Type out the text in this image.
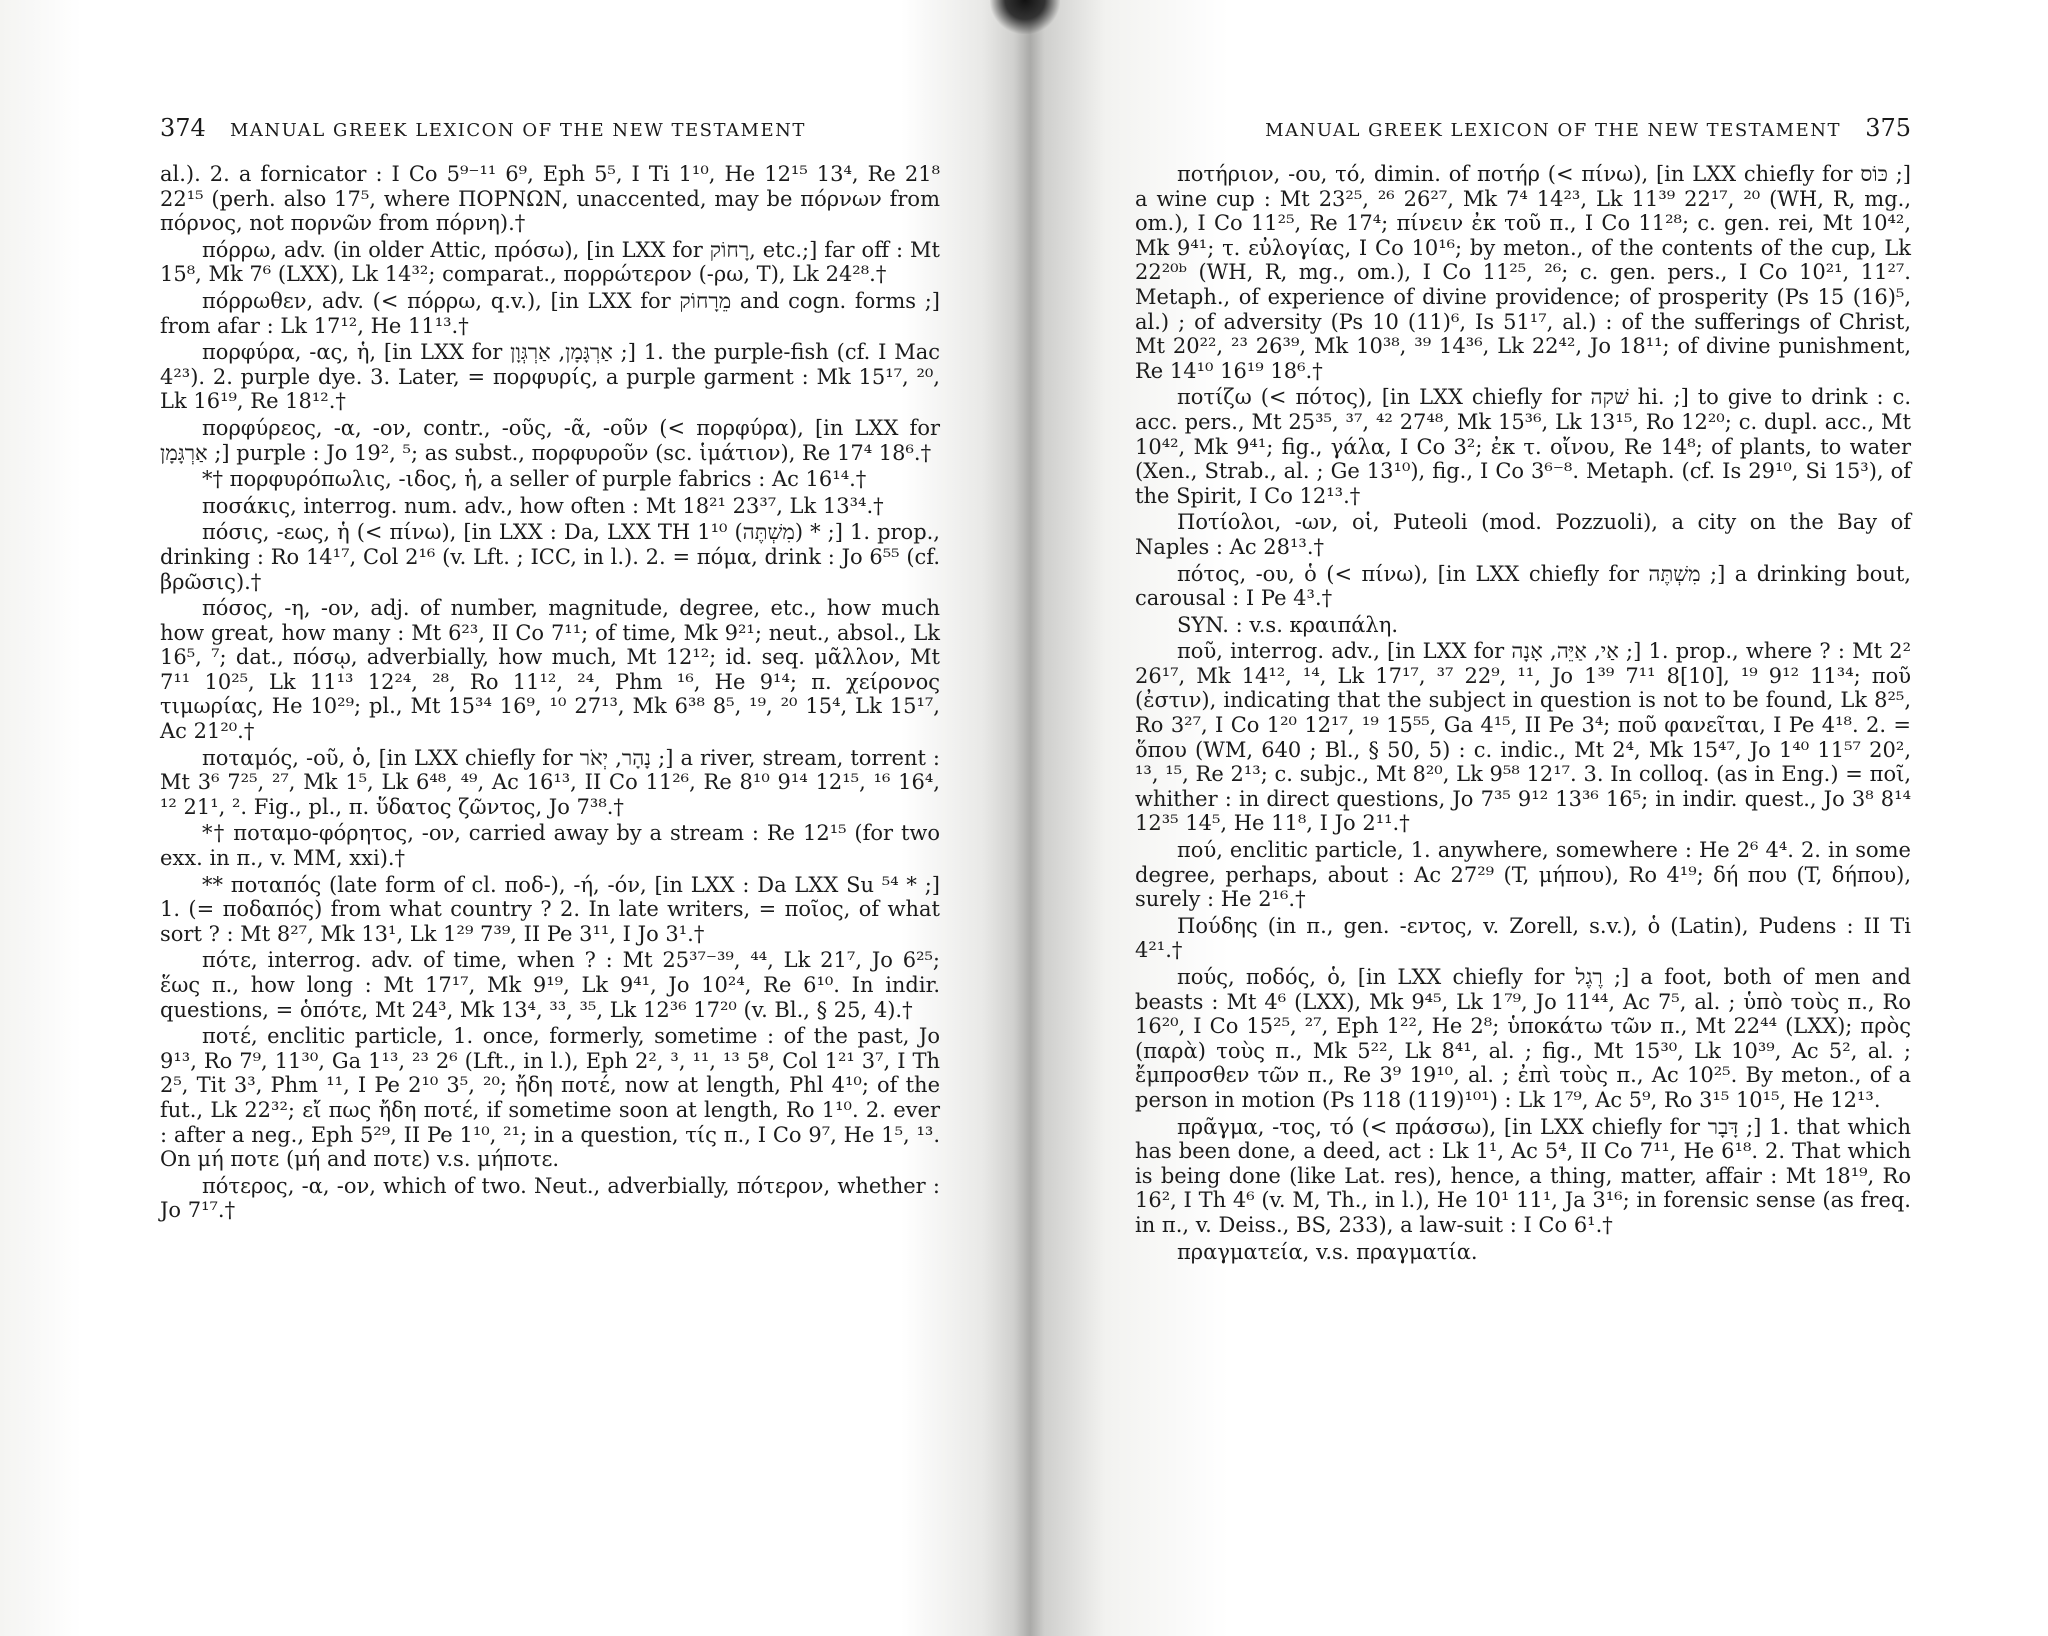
374 MANUAL GREEK LEXICON OF THE NEW TESTAMENT

al.). 2. a fornicator : I Co 5⁹⁻¹¹ 6⁹, Eph 5⁵, I Ti 1¹⁰, He 12¹⁵ 13⁴, Re 21⁸ 22¹⁵ (perh. also 17⁵, where ΠΟΡΝΩΝ, unaccented, may be πόρνων from πόρνος, not πορνῶν from πόρνη).†

πόρρω, adv. (in older Attic, πρόσω), [in LXX for רָחוֹק, etc.;] far off : Mt 15⁸, Mk 7⁶ (LXX), Lk 14³²; comparat., πορρώτερον (-ρω, T), Lk 24²⁸.†

πόρρωθεν, adv. (< πόρρω, q.v.), [in LXX for מֵרָחוֹק and cogn. forms ;] from afar : Lk 17¹², He 11¹³.†

πορφύρα, -ας, ἡ, [in LXX for אַרְגָּמָן, אַרְגְּוָן ;] 1. the purple-fish (cf. I Mac 4²³). 2. purple dye. 3. Later, = πορφυρίς, a purple garment : Mk 15¹⁷, ²⁰, Lk 16¹⁹, Re 18¹².†

πορφύρεος, -α, -ον, contr., -οῦς, -ᾶ, -οῦν (< πορφύρα), [in LXX for אַרְגָּמָן ;] purple : Jo 19², ⁵; as subst., πορφυροῦν (sc. ἱμάτιον), Re 17⁴ 18⁶.†

*† πορφυρόπωλις, -ιδος, ἡ, a seller of purple fabrics : Ac 16¹⁴.†

ποσάκις, interrog. num. adv., how often : Mt 18²¹ 23³⁷, Lk 13³⁴.†

πόσις, -εως, ἡ (< πίνω), [in LXX : Da, LXX TH 1¹⁰ (מִשְׁתֶּה) * ;] 1. prop., drinking : Ro 14¹⁷, Col 2¹⁶ (v. Lft. ; ICC, in l.). 2. = πόμα, drink : Jo 6⁵⁵ (cf. βρῶσις).†

πόσος, -η, -ον, adj. of number, magnitude, degree, etc., how much how great, how many : Mt 6²³, II Co 7¹¹; of time, Mk 9²¹; neut., absol., Lk 16⁵, ⁷; dat., πόσῳ, adverbially, how much, Mt 12¹²; id. seq. μᾶλλον, Mt 7¹¹ 10²⁵, Lk 11¹³ 12²⁴, ²⁸, Ro 11¹², ²⁴, Phm ¹⁶, He 9¹⁴; π. χείρονος τιμωρίας, He 10²⁹; pl., Mt 15³⁴ 16⁹, ¹⁰ 27¹³, Mk 6³⁸ 8⁵, ¹⁹, ²⁰ 15⁴, Lk 15¹⁷, Ac 21²⁰.†

ποταμός, -οῦ, ὁ, [in LXX chiefly for נָהָר, יְאֹר ;] a river, stream, torrent : Mt 3⁶ 7²⁵, ²⁷, Mk 1⁵, Lk 6⁴⁸, ⁴⁹, Ac 16¹³, II Co 11²⁶, Re 8¹⁰ 9¹⁴ 12¹⁵, ¹⁶ 16⁴, ¹² 21¹, ². Fig., pl., π. ὕδατος ζῶντος, Jo 7³⁸.†

*† ποταμο-φόρητος, -ον, carried away by a stream : Re 12¹⁵ (for two exx. in π., v. MM, xxi).†

** ποταπός (late form of cl. ποδ-), -ή, -όν, [in LXX : Da LXX Su ⁵⁴ * ;] 1. (= ποδαπός) from what country ? 2. In late writers, = ποῖος, of what sort ? : Mt 8²⁷, Mk 13¹, Lk 1²⁹ 7³⁹, II Pe 3¹¹, I Jo 3¹.†

πότε, interrog. adv. of time, when ? : Mt 25³⁷⁻³⁹, ⁴⁴, Lk 21⁷, Jo 6²⁵; ἕως π., how long : Mt 17¹⁷, Mk 9¹⁹, Lk 9⁴¹, Jo 10²⁴, Re 6¹⁰. In indir. questions, = ὁπότε, Mt 24³, Mk 13⁴, ³³, ³⁵, Lk 12³⁶ 17²⁰ (v. Bl., § 25, 4).†

ποτέ, enclitic particle, 1. once, formerly, sometime : of the past, Jo 9¹³, Ro 7⁹, 11³⁰, Ga 1¹³, ²³ 2⁶ (Lft., in l.), Eph 2², ³, ¹¹, ¹³ 5⁸, Col 1²¹ 3⁷, I Th 2⁵, Tit 3³, Phm ¹¹, I Pe 2¹⁰ 3⁵, ²⁰; ἤδη ποτέ, now at length, Phl 4¹⁰; of the fut., Lk 22³²; εἴ πως ἤδη ποτέ, if sometime soon at length, Ro 1¹⁰. 2. ever : after a neg., Eph 5²⁹, II Pe 1¹⁰, ²¹; in a question, τίς π., I Co 9⁷, He 1⁵, ¹³. On μή ποτε (μή and ποτε) v.s. μήποτε.

πότερος, -α, -ον, which of two. Neut., adverbially, πότερον, whether : Jo 7¹⁷.†

MANUAL GREEK LEXICON OF THE NEW TESTAMENT 375

ποτήριον, -ου, τό, dimin. of ποτήρ (< πίνω), [in LXX chiefly for כּוֹס ;] a wine cup : Mt 23²⁵, ²⁶ 26²⁷, Mk 7⁴ 14²³, Lk 11³⁹ 22¹⁷, ²⁰ (WH, R, mg., om.), I Co 11²⁵, Re 17⁴; πίνειν ἐκ τοῦ π., I Co 11²⁸; c. gen. rei, Mt 10⁴², Mk 9⁴¹; τ. εὐλογίας, I Co 10¹⁶; by meton., of the contents of the cup, Lk 22²⁰ᵇ (WH, R, mg., om.), I Co 11²⁵, ²⁶; c. gen. pers., I Co 10²¹, 11²⁷. Metaph., of experience of divine providence; of prosperity (Ps 15 (16)⁵, al.) ; of adversity (Ps 10 (11)⁶, Is 51¹⁷, al.) : of the sufferings of Christ, Mt 20²², ²³ 26³⁹, Mk 10³⁸, ³⁹ 14³⁶, Lk 22⁴², Jo 18¹¹; of divine punishment, Re 14¹⁰ 16¹⁹ 18⁶.†

ποτίζω (< πότος), [in LXX chiefly for שׁקה hi. ;] to give to drink : c. acc. pers., Mt 25³⁵, ³⁷, ⁴² 27⁴⁸, Mk 15³⁶, Lk 13¹⁵, Ro 12²⁰; c. dupl. acc., Mt 10⁴², Mk 9⁴¹; fig., γάλα, I Co 3²; ἐκ τ. οἴνου, Re 14⁸; of plants, to water (Xen., Strab., al. ; Ge 13¹⁰), fig., I Co 3⁶⁻⁸. Metaph. (cf. Is 29¹⁰, Si 15³), of the Spirit, I Co 12¹³.†

Ποτίολοι, -ων, οἱ, Puteoli (mod. Pozzuoli), a city on the Bay of Naples : Ac 28¹³.†

πότος, -ου, ὁ (< πίνω), [in LXX chiefly for מִשְׁתֶּה ;] a drinking bout, carousal : I Pe 4³.†

SYN. : v.s. κραιπάλη.

ποῦ, interrog. adv., [in LXX for אַי, אַיֵּה, אָנָה ;] 1. prop., where ? : Mt 2² 26¹⁷, Mk 14¹², ¹⁴, Lk 17¹⁷, ³⁷ 22⁹, ¹¹, Jo 1³⁹ 7¹¹ 8[10], ¹⁹ 9¹² 11³⁴; ποῦ (ἐστιν), indicating that the subject in question is not to be found, Lk 8²⁵, Ro 3²⁷, I Co 1²⁰ 12¹⁷, ¹⁹ 15⁵⁵, Ga 4¹⁵, II Pe 3⁴; ποῦ φανεῖται, I Pe 4¹⁸. 2. = ὅπου (WM, 640 ; Bl., § 50, 5) : c. indic., Mt 2⁴, Mk 15⁴⁷, Jo 1⁴⁰ 11⁵⁷ 20², ¹³, ¹⁵, Re 2¹³; c. subjc., Mt 8²⁰, Lk 9⁵⁸ 12¹⁷. 3. In colloq. (as in Eng.) = ποῖ, whither : in direct questions, Jo 7³⁵ 9¹² 13³⁶ 16⁵; in indir. quest., Jo 3⁸ 8¹⁴ 12³⁵ 14⁵, He 11⁸, I Jo 2¹¹.†

πού, enclitic particle, 1. anywhere, somewhere : He 2⁶ 4⁴. 2. in some degree, perhaps, about : Ac 27²⁹ (T, μήπου), Ro 4¹⁹; δή που (T, δήπου), surely : He 2¹⁶.†

Πούδης (in π., gen. -εντος, v. Zorell, s.v.), ὁ (Latin), Pudens : II Ti 4²¹.†

πούς, ποδός, ὁ, [in LXX chiefly for רֶגֶל ;] a foot, both of men and beasts : Mt 4⁶ (LXX), Mk 9⁴⁵, Lk 1⁷⁹, Jo 11⁴⁴, Ac 7⁵, al. ; ὑπὸ τοὺς π., Ro 16²⁰, I Co 15²⁵, ²⁷, Eph 1²², He 2⁸; ὑποκάτω τῶν π., Mt 22⁴⁴ (LXX); πρὸς (παρὰ) τοὺς π., Mk 5²², Lk 8⁴¹, al. ; fig., Mt 15³⁰, Lk 10³⁹, Ac 5², al. ; ἔμπροσθεν τῶν π., Re 3⁹ 19¹⁰, al. ; ἐπὶ τοὺς π., Ac 10²⁵. By meton., of a person in motion (Ps 118 (119)¹⁰¹) : Lk 1⁷⁹, Ac 5⁹, Ro 3¹⁵ 10¹⁵, He 12¹³.

πρᾶγμα, -τος, τό (< πράσσω), [in LXX chiefly for דָּבָר ;] 1. that which has been done, a deed, act : Lk 1¹, Ac 5⁴, II Co 7¹¹, He 6¹⁸. 2. That which is being done (like Lat. res), hence, a thing, matter, affair : Mt 18¹⁹, Ro 16², I Th 4⁶ (v. M, Th., in l.), He 10¹ 11¹, Ja 3¹⁶; in forensic sense (as freq. in π., v. Deiss., BS, 233), a law-suit : I Co 6¹.†

πραγματεία, v.s. πραγματία.
